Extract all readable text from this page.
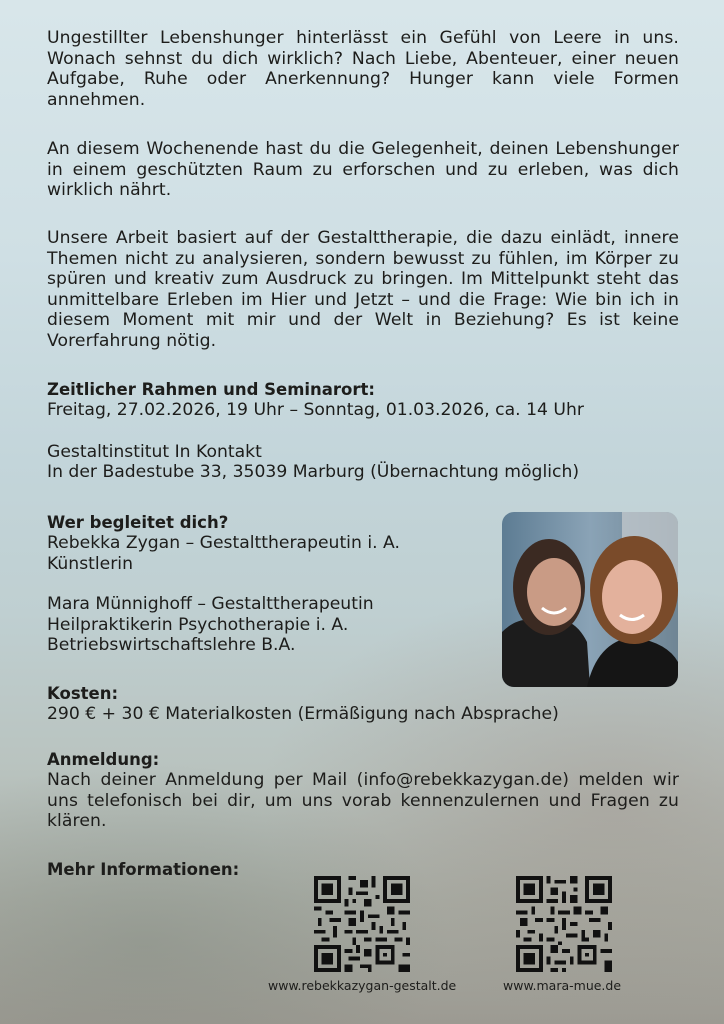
Ungestillter Lebenshunger hinterlässt ein Gefühl von Leere in uns. Wonach sehnst du dich wirklich? Nach Liebe, Abenteuer, einer neuen Aufgabe, Ruhe oder Anerkennung? Hunger kann viele Formen annehmen.

An diesem Wochenende hast du die Gelegenheit, deinen Lebenshunger in einem geschützten Raum zu erforschen und zu erleben, was dich wirklich nährt.

Unsere Arbeit basiert auf der Gestalttherapie, die dazu einlädt, innere Themen nicht zu analysieren, sondern bewusst zu fühlen, im Körper zu spüren und kreativ zum Ausdruck zu bringen. Im Mittelpunkt steht das unmittelbare Erleben im Hier und Jetzt – und die Frage: Wie bin ich in diesem Moment mit mir und der Welt in Beziehung? Es ist keine Vorerfahrung nötig.

Zeitlicher Rahmen und Seminarort:

Freitag, 27.02.2026, 19 Uhr – Sonntag, 01.03.2026, ca. 14 Uhr

Gestaltinstitut In Kontakt

In der Badestube 33, 35039 Marburg (Übernachtung möglich)

Wer begleitet dich?

Rebekka Zygan – Gestalttherapeutin i. A.

Künstlerin

Mara Münnighoff – Gestalttherapeutin

Heilpraktikerin Psychotherapie i. A.

Betriebswirtschaftslehre B.A.

Kosten:

290 € + 30 € Materialkosten (Ermäßigung nach Absprache)

Anmeldung:

Nach deiner Anmeldung per Mail (info@rebekkazygan.de) melden wir uns telefonisch bei dir, um uns vorab kennenzulernen und Fragen zu klären.

Mehr Informationen:

www.rebekkazygan-gestalt.de	www.mara-mue.de
